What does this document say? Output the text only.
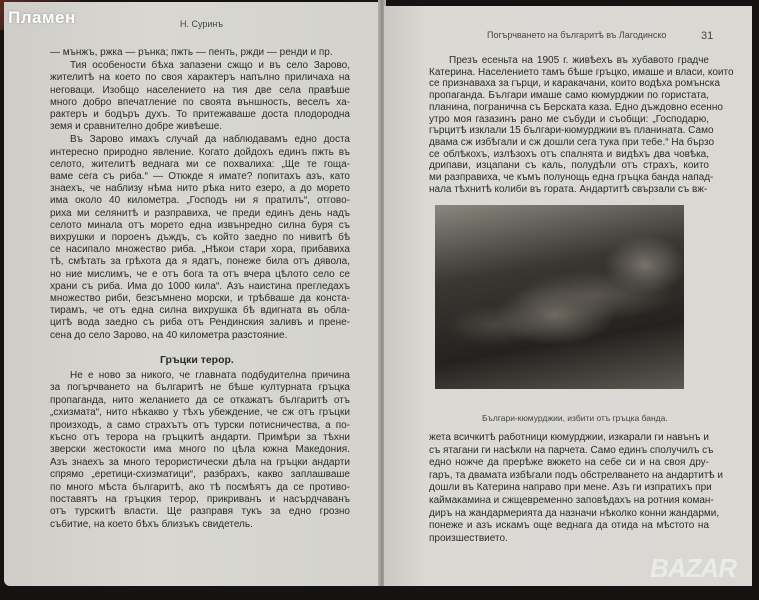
Н. Суринъ
Гръцки терор.
— мънжъ, ржка — рънка; пжть — пенть, ржди — ренди и пр.
Тия особености бѣха запазени сжщо и въ село Зарово,
жителитѣ на което по своя характеръ напълно приличаха на
неговаци. Изобщо населението на тия две села правѣше
много добро впечатление по своята външность, веселъ ха-
рактеръ и бодъръ духъ. То притежаваше доста плодородна
земя и сравнително добре живѣеше.
Въ Зарово имахъ случай да наблюдавамъ едно доста
интересно природно явление. Когато дойдохъ единъ пжть въ
селото, жителитѣ веднага ми се похвалиха: „Ще те гоща-
ваме сега съ риба.“ — Откжде я имате? попитахъ азъ, като
знаехъ, че наблизу нѣма нито рѣка нито езеро, а до морето
има около 40 километра. „Господъ ни я пратилъ“, отгово-
риха ми селянитѣ и разправиха, че преди единъ день надъ
селото минала отъ морето една извънредно силна буря съ
вихрушки и пороенъ дъждъ, съ който заедно по нивитѣ бѣ
се насипало множество риба. „Нѣкои стари хора, прибавиха
тѣ, смѣтать за грѣхота да я ядатъ, понеже била отъ дявола,
но ние мислимъ, че е отъ бога та отъ вчера цѣлото село се
храни съ риба. Има до 1000 кила“. Азъ наистина прегледахъ
множество риби, безсъмнено морски, и трѣбваше да конста-
тирамъ, че отъ една силна вихрушка бѣ вдигната въ обла-
цитѣ вода заедно съ риба отъ Рендинския заливъ и прене-
сена до село Зарово, на 40 километра разстояние.
Не е ново за никого, че главната подбудителна причина
за погърчването на българитѣ не бѣше културната гръцка
пропаганда, нито желанието да се откажатъ българитѣ отъ
„схизмата“, нито нѣкакво у тѣхъ убеждение, че сж отъ гръцки
произходъ, а само страхътъ отъ турски потисничества, а по-
късно отъ терора на гръцкитѣ андарти. Примѣри за тѣхни
зверски жестокости има много по цѣла южна Македония.
Азъ знаехъ за много терористически дѣла на гръцки андарти
спрямо „еретици-схизматици“, разбрахъ, какво заплашваше
по много мѣста българитѣ, ако тѣ посмѣятъ да се противо-
поставятъ на гръцкия терор, прикриванъ и насърдчаванъ
отъ турскитѣ власти. Ще разправя тукъ за едно грозно
събитие, на което бѣхъ близъкъ свидетель.
Погърчването на българитѣ въ Лагодинско	31
Българи-кюмурджии, избити отъ гръцка банда.
Презъ есеньта на 1905 г. живѣехъ въ хубавото градче
Катерина. Населението тамъ бѣше гръцко, имаше и власи, които
се признаваха за гърци, и каракачани, които водѣха ромънска
пропаганда. Българи имаше само кюмурджии по гористата,
планина, погранична съ Берската каза. Едно дъждовно есенно
утро моя газазинъ рано ме събуди и съобщи: „Господарю,
гърцитѣ изклали 15 българи-кюмурджии въ планината. Само
двама сж избѣгали и сж дошли сега тука при тебе.“ На бързо
се облѣкохъ, излѣзохъ отъ спалнята и видѣхъ два човѣка,
дрипави, изцапани съ каль, полудѣли отъ страхъ, които
ми разправиха, че къмъ полунощь една гръцка банда напад-
нала тѣхнитѣ колиби въ гората. Андартитѣ свързали съ вж-
жета всичкитѣ работници кюмурджии, изкарали ги навънъ и
съ ятагани ги насѣкли на парчета. Само единъ сполучилъ съ
едно ножче да прерѣже вжжето на себе си и на своя дру-
гаръ, та двамата избѣгали подъ обстрелването на андартитѣ и
дошли въ Катерина направо при мене. Азъ ги изпратихъ при
каймакамина и сжщевременно заповѣдахъ на ротния коман-
диръ на жандармерията да назначи нѣколко конни жандарми,
понеже и азъ искамъ още веднага да отида на мѣстото на
произшествието.
Пламен
BAZAR
